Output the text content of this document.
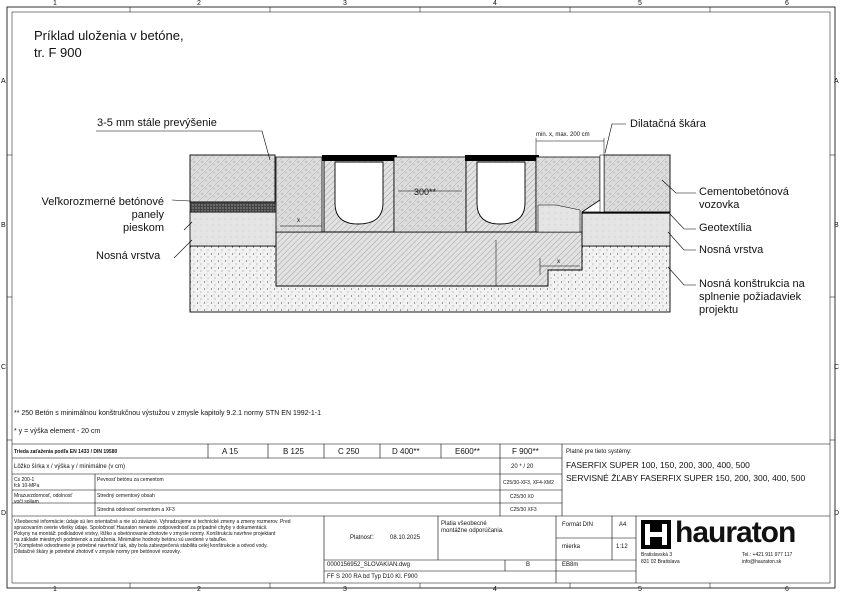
1	2	3	4	5	6
1	2	3	4	5	6
A
B
C
D
A
B
C
D
Príklad uloženia v betóne,
tr. F 900
3-5 mm stále prevýšenie	Dilatačná škára
min. x, max. 200 cm
300**
Veľkorozmerné betónové
panely
pieskom
Nosná vrstva
Cementobetónová
vozovka
Geotextília
Nosná vrstva
Nosná konštrukcia na
splnenie požiadaviek
projektu
x
x
** 250 Betón s minimálnou konštrukčnou výstužou v zmysle kapitoly 9.2.1 normy STN EN 1992-1-1
* y = výška element - 20 cm
Trieda zaťaženia podľa EN 1433 / DIN 19580	A 15	B 125	C 250	D 400**	E600**	F 900**
Lôžko šírka x / výška y / minimálne (v cm)	20 * / 20
Cs 200-1
fck 10-MPa
Pevnosť betónu za cementom	C25/30-XF3, XF4-XM2
Mrazuvzdornosť, odolnosť
voči soliam
Stredný cementový obsah	C25/30 X0
Stredná odolnosť cementom a XF3	C25/30 XF3
Platné pre tieto systémy:
FASERFIX SUPER 100, 150, 200, 300, 400, 500
SERVISNÉ ŽĽABY FASERFIX SUPER 150, 200, 300, 400, 500
Všeobecné informácie: údaje sú len orientačné a nie sú záväzné. Vyhradzujeme si technické zmeny a zmeny rozmerov. Pred
spracovaním overte všetky údaje. Spoločnosť Hauraton nenesie zodpovednosť za prípadné chyby v dokumentácii.
Pokyny na montáž: podkladové vrstvy, lôžko a obetónovanie zhotovte v zmysle normy. Konštrukciu navrhne projektant
na základe miestnych podmienok a zaťaženia. Minimálne hodnoty betónu sú uvedené v tabuľke.
*) Kompletné odvodnenie je potrebné navrhnúť tak, aby bola zabezpečená stabilita celej konštrukcie a odvod vody.
Dilatačné škáry je potrebné zhotoviť v zmysle normy pre betónové vozovky.
Platnosť:	08.10.2025
Platia všeobecné
montážne odporúčania.
Formát DIN	A4
mierka	1:12
0000156952_SLOVAKIAN.dwg	B	EB8m
FF S 200 RA bd Typ D10 Kl. F900
hauraton
Bratislavská 3
831 02 Bratislava
Tel.: +421 911 977 117
info@hauraton.sk
